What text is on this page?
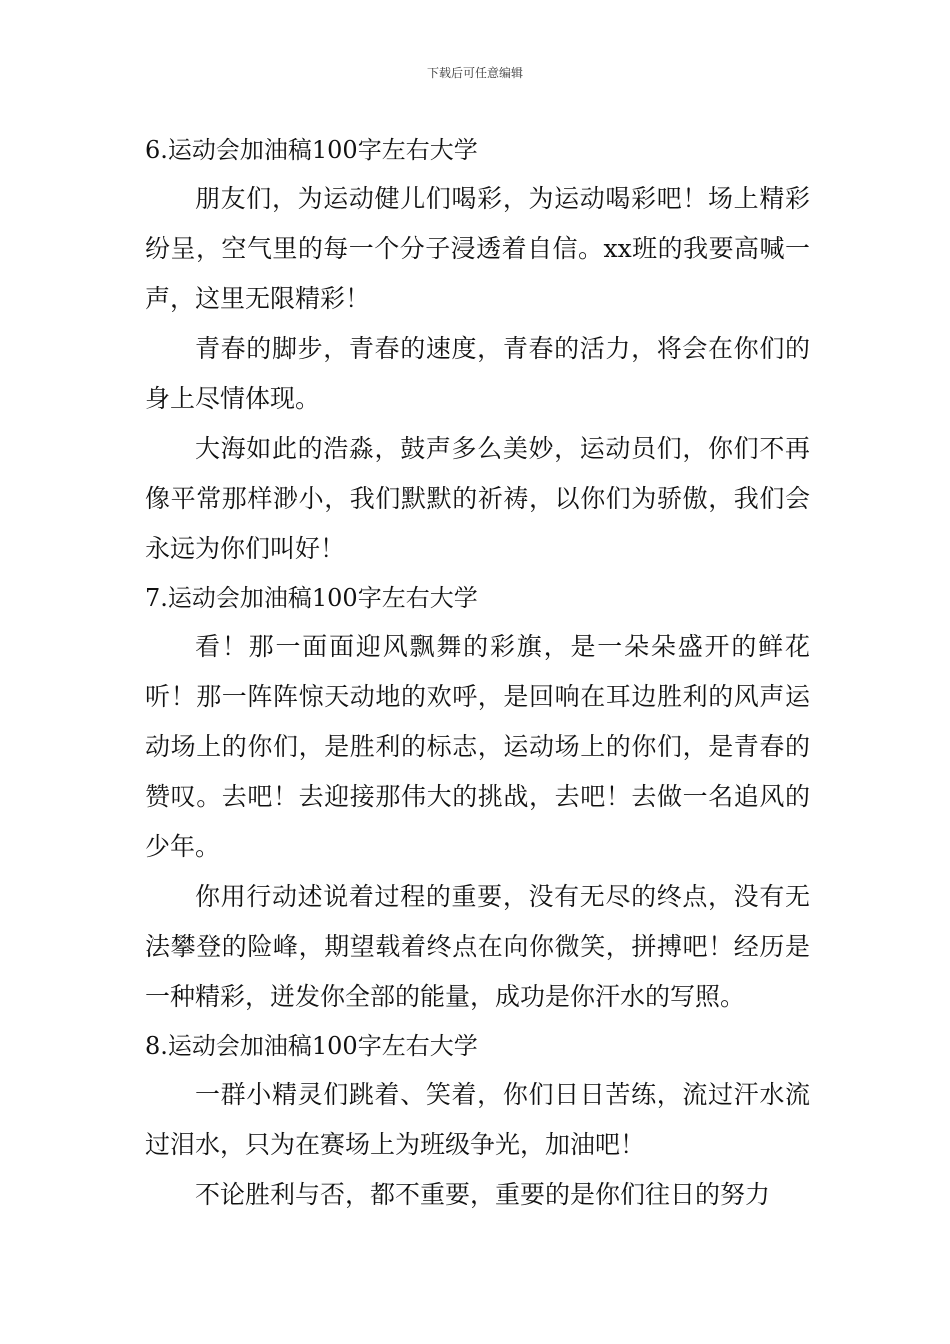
下载后可任意编辑
6.运动会加油稿100字左右大学

朋友们，为运动健儿们喝彩，为运动喝彩吧！场上精彩纷呈，空气里的每一个分子浸透着自信。xx班的我要高喊一声，这里无限精彩！

青春的脚步，青春的速度，青春的活力，将会在你们的身上尽情体现。

大海如此的浩淼，鼓声多么美妙，运动员们，你们不再像平常那样渺小，我们默默的祈祷，以你们为骄傲，我们会永远为你们叫好！

7.运动会加油稿100字左右大学

看！那一面面迎风飘舞的彩旗，是一朵朵盛开的鲜花听！那一阵阵惊天动地的欢呼，是回响在耳边胜利的风声运动场上的你们，是胜利的标志，运动场上的你们，是青春的赞叹。去吧！去迎接那伟大的挑战，去吧！去做一名追风的少年。

你用行动述说着过程的重要，没有无尽的终点，没有无法攀登的险峰，期望载着终点在向你微笑，拼搏吧！经历是一种精彩，迸发你全部的能量，成功是你汗水的写照。

8.运动会加油稿100字左右大学

一群小精灵们跳着、笑着，你们日日苦练，流过汗水流过泪水，只为在赛场上为班级争光，加油吧！

不论胜利与否，都不重要，重要的是你们往日的努力
